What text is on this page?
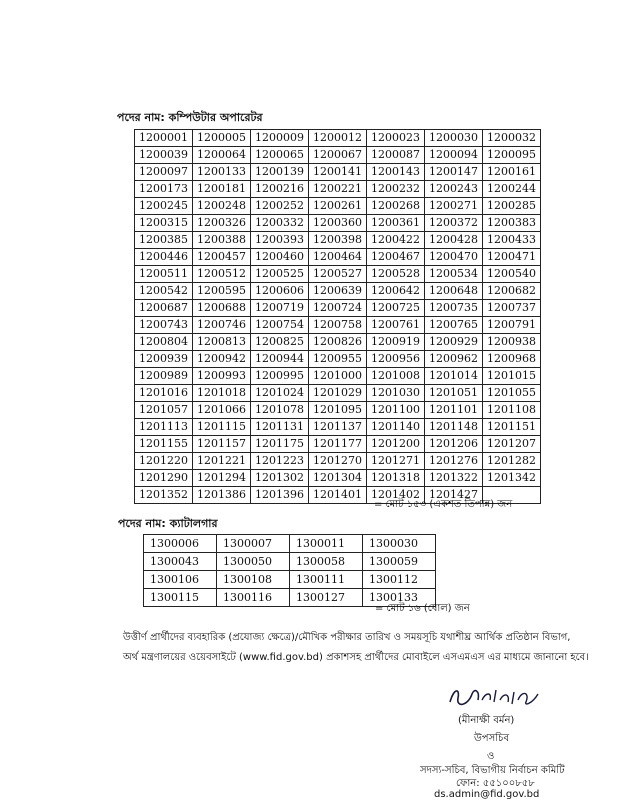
পদের নাম: কম্পিউটার অপারেটর
1200001	1200005	1200009	1200012	1200023	1200030	1200032
1200039	1200064	1200065	1200067	1200087	1200094	1200095
1200097	1200133	1200139	1200141	1200143	1200147	1200161
1200173	1200181	1200216	1200221	1200232	1200243	1200244
1200245	1200248	1200252	1200261	1200268	1200271	1200285
1200315	1200326	1200332	1200360	1200361	1200372	1200383
1200385	1200388	1200393	1200398	1200422	1200428	1200433
1200446	1200457	1200460	1200464	1200467	1200470	1200471
1200511	1200512	1200525	1200527	1200528	1200534	1200540
1200542	1200595	1200606	1200639	1200642	1200648	1200682
1200687	1200688	1200719	1200724	1200725	1200735	1200737
1200743	1200746	1200754	1200758	1200761	1200765	1200791
1200804	1200813	1200825	1200826	1200919	1200929	1200938
1200939	1200942	1200944	1200955	1200956	1200962	1200968
1200989	1200993	1200995	1201000	1201008	1201014	1201015
1201016	1201018	1201024	1201029	1201030	1201051	1201055
1201057	1201066	1201078	1201095	1201100	1201101	1201108
1201113	1201115	1201131	1201137	1201140	1201148	1201151
1201155	1201157	1201175	1201177	1201200	1201206	1201207
1201220	1201221	1201223	1201270	1201271	1201276	1201282
1201290	1201294	1201302	1201304	1201318	1201322	1201342
1201352	1201386	1201396	1201401	1201402	1201427	
= মোট ১৫৩ (একশত তিপান্ন) জন
পদের নাম: ক্যাটালগার
1300006	1300007	1300011	1300030
1300043	1300050	1300058	1300059
1300106	1300108	1300111	1300112
1300115	1300116	1300127	1300133
= মোট ১৬ (ষোল) জন

উত্তীর্ণ প্রার্থীদের ব্যবহারিক (প্রযোজ্য ক্ষেত্রে)/মৌখিক পরীক্ষার তারিখ ও সময়সূচি যথাশীঘ্র আর্থিক প্রতিষ্ঠান বিভাগ,

অর্থ মন্ত্রণালয়ের ওয়েবসাইটে (www.fid.gov.bd) প্রকাশসহ প্রার্থীদের মোবাইলে এসএমএস এর মাধ্যমে জানানো হবে।

(মীনাক্ষী বর্মন)
উপসচিব
ও
সদস্য-সচিব, বিভাগীয় নির্বাচন কমিটি
ফোন: ৫৫১০০৮৫৮
ds.admin@fid.gov.bd
